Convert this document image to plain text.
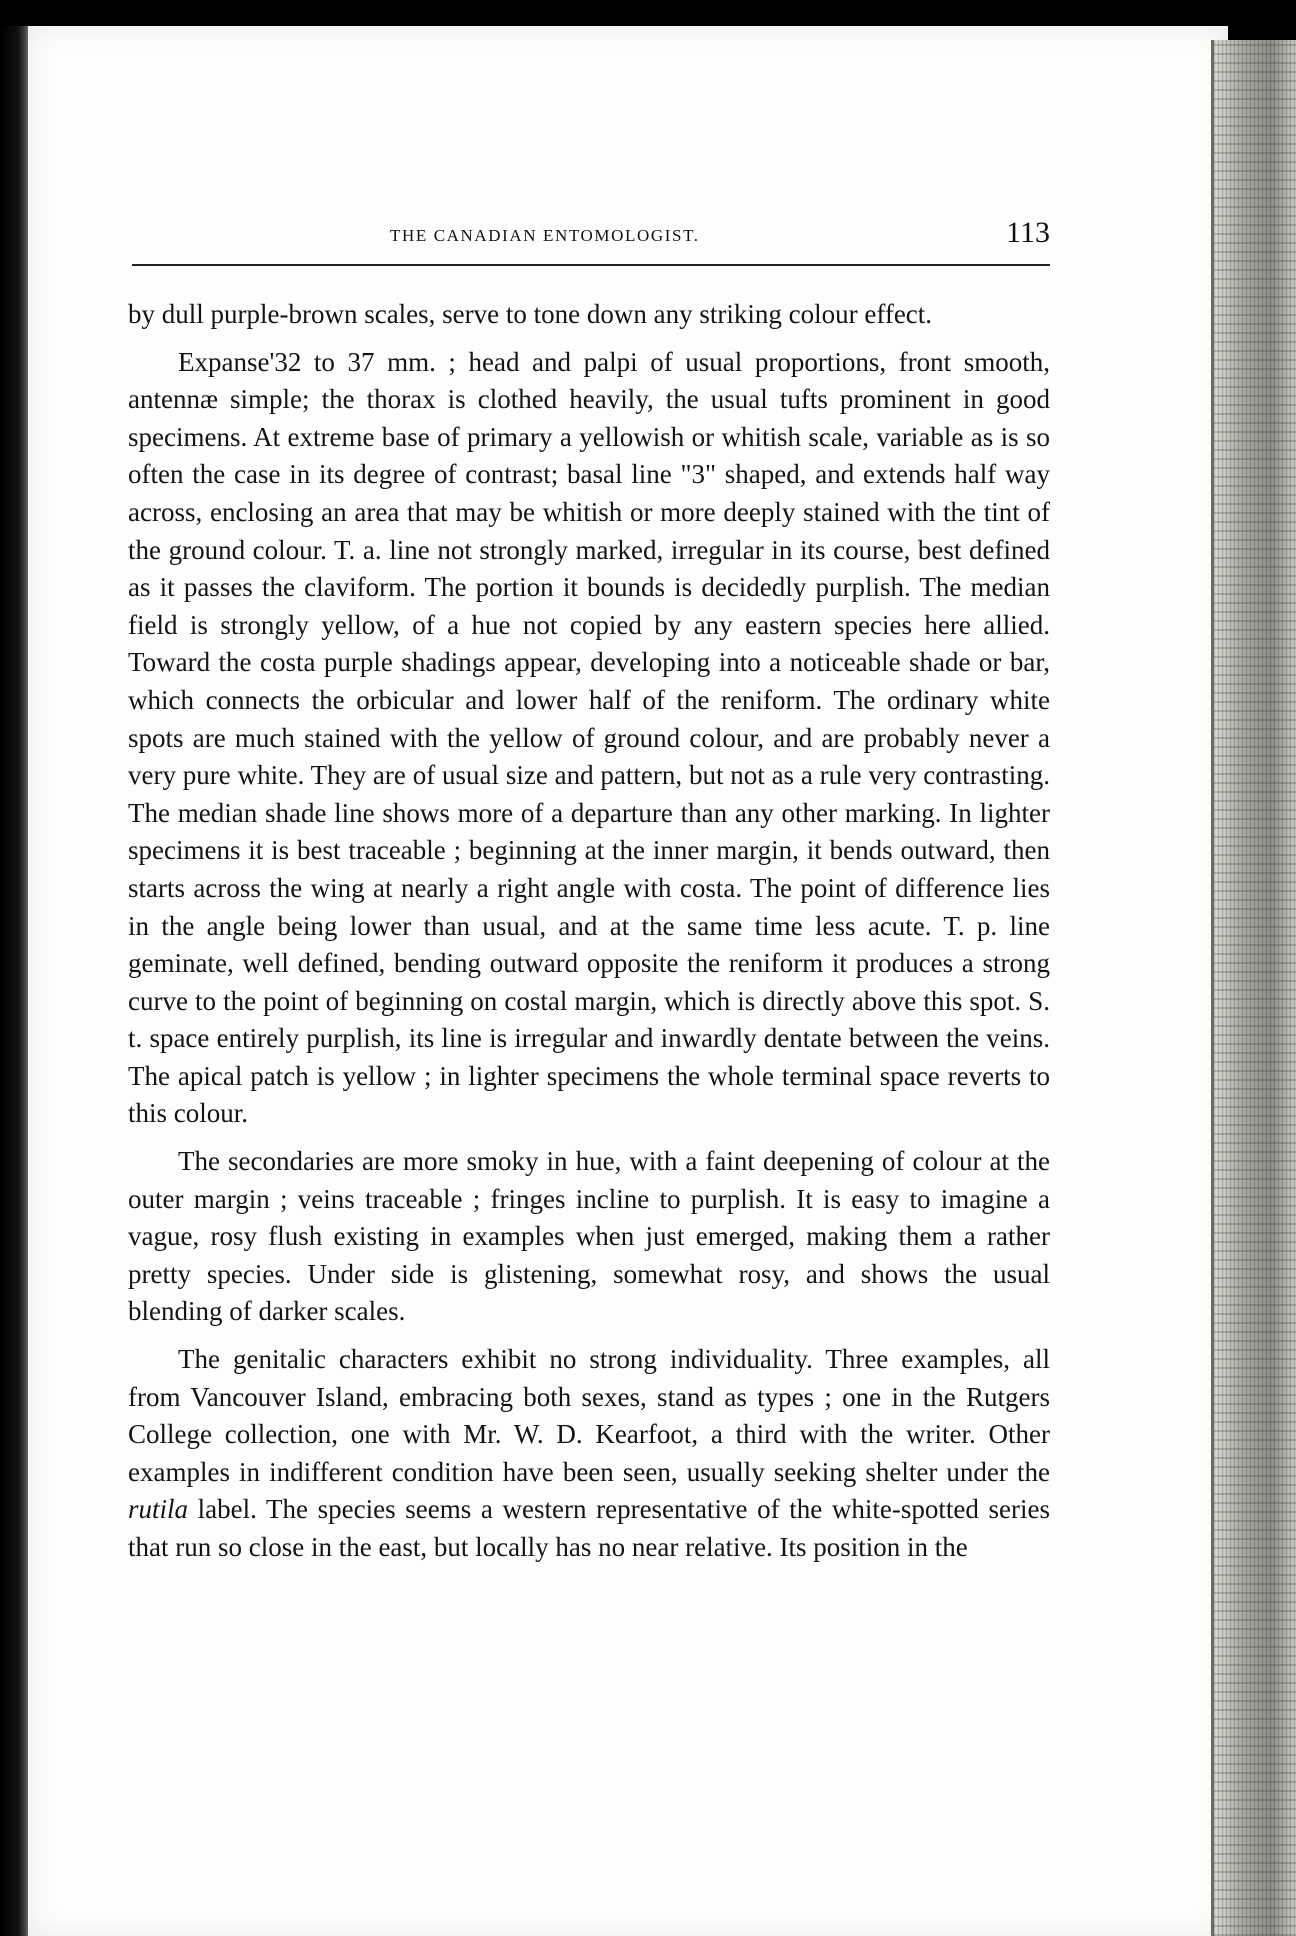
THE CANADIAN ENTOMOLOGIST.	113

by dull purple-brown scales, serve to tone down any striking colour effect.

Expanse'32 to 37 mm. ; head and palpi of usual proportions, front smooth, antennæ simple; the thorax is clothed heavily, the usual tufts prominent in good specimens. At extreme base of primary a yellowish or whitish scale, variable as is so often the case in its degree of contrast; basal line "3" shaped, and extends half way across, enclosing an area that may be whitish or more deeply stained with the tint of the ground colour. T. a. line not strongly marked, irregular in its course, best defined as it passes the claviform. The portion it bounds is decidedly purplish. The median field is strongly yellow, of a hue not copied by any eastern species here allied. Toward the costa purple shadings appear, developing into a noticeable shade or bar, which connects the orbicular and lower half of the reniform. The ordinary white spots are much stained with the yellow of ground colour, and are probably never a very pure white. They are of usual size and pattern, but not as a rule very contrasting. The median shade line shows more of a departure than any other marking. In lighter specimens it is best traceable ; beginning at the inner margin, it bends outward, then starts across the wing at nearly a right angle with costa. The point of difference lies in the angle being lower than usual, and at the same time less acute. T. p. line geminate, well defined, bending outward opposite the reniform it produces a strong curve to the point of beginning on costal margin, which is directly above this spot. S. t. space entirely purplish, its line is irregular and inwardly dentate between the veins. The apical patch is yellow ; in lighter specimens the whole terminal space reverts to this colour.

The secondaries are more smoky in hue, with a faint deepening of colour at the outer margin ; veins traceable ; fringes incline to purplish. It is easy to imagine a vague, rosy flush existing in examples when just emerged, making them a rather pretty species. Under side is glistening, somewhat rosy, and shows the usual blending of darker scales.

The genitalic characters exhibit no strong individuality. Three examples, all from Vancouver Island, embracing both sexes, stand as types ; one in the Rutgers College collection, one with Mr. W. D. Kearfoot, a third with the writer. Other examples in indifferent condition have been seen, usually seeking shelter under the rutila label. The species seems a western representative of the white-spotted series that run so close in the east, but locally has no near relative. Its position in the
